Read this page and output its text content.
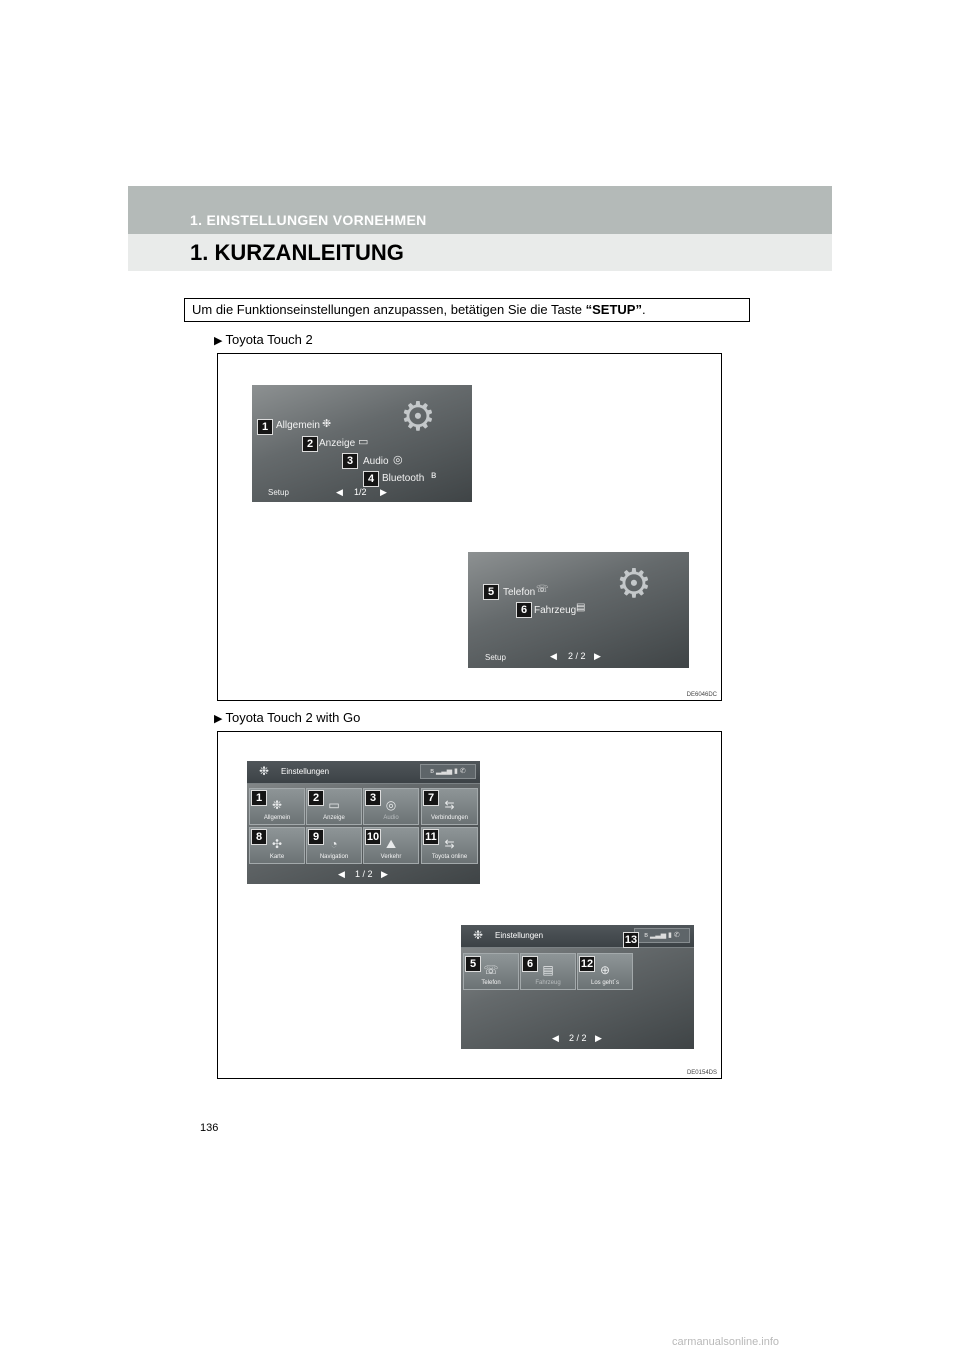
1. EINSTELLUNGEN VORNEHMEN
1. KURZANLEITUNG
Um die Funktionseinstellungen anzupassen, betätigen Sie die Taste “SETUP”.
▶ Toyota Touch 2
DE6046DC
⚙
1 Allgemein ❉
2 Anzeige ▭
3 Audio ◎
4 Bluetooth ʙ
Setup	◀ 1/2 ▶
⚙
5 Telefon ☏
6 Fahrzeug ▤
Setup	◀ 2 / 2 ▶
▶ Toyota Touch 2 with Go
DE0154DS
❉ Einstellungen	ʙ ▂▃▅ ▮ ✆
❉
Allgemein
▭
Anzeige
◎
Audio
⇆
Verbindungen
✣
Karte
◔
Navigation
⛰
Verkehr
⇆
Toyota online
1	2	3	7
8	9	10	11
◀ 1 / 2 ▶
❉ Einstellungen	ʙ ▂▃▅ ▮ ✆
13
☏
Telefon
▤
Fahrzeug
⊕
Los geht´s
5	6	12
◀ 2 / 2 ▶
136
carmanualsonline.info
